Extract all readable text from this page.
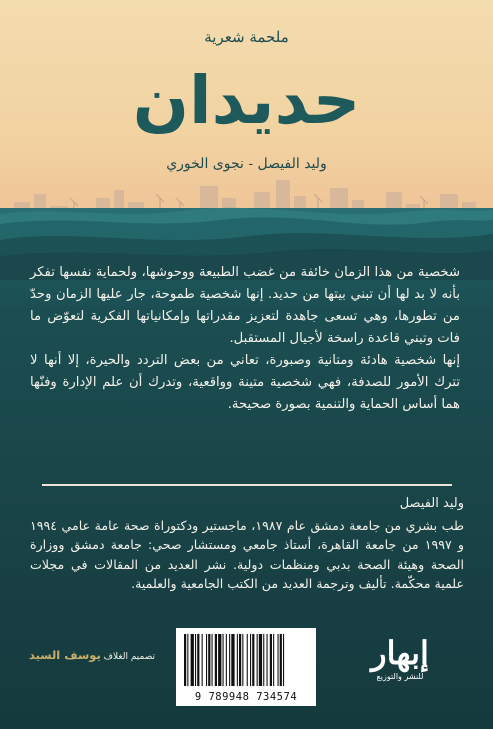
ملحمة شعرية
حديدان
وليد الفيصل - نجوى الخوري

شخصية من هذا الزمان خائفة من غضب الطبيعة ووحوشها، ولحماية نفسها تفكر بأنه لا بد لها أن تبني بيتها من حديد. إنها شخصية طموحة، جار عليها الزمان وحدّ من تطورها، وهي تسعى جاهدة لتعزيز مقدراتها وإمكانياتها الفكرية لتعوّض ما فات وتبني قاعدة راسخة لأجيال المستقبل.

إنها شخصية هادئة ومتانية وصبورة، تعاني من بعض التردد والحيرة، إلا أنها لا تترك الأمور للصدفة، فهي شخصية متينة وواقعية، وتدرك أن علم الإدارة وفنّها هما أساس الحماية والتنمية بصورة صحيحة.

وليد الفيصل
طب بشري من جامعة دمشق عام ١٩٨٧، ماجستير ودكتوراة صحة عامة عامي ١٩٩٤ و ١٩٩٧ من جامعة القاهرة، أستاذ جامعي ومستشار صحي: جامعة دمشق ووزارة الصحة وهيئة الصحة بدبي ومنظمات دولية. نشر العديد من المقالات في مجلات علمية محكّمة. تأليف وترجمة العديد من الكتب الجامعية والعلمية.
تصميم الغلاف يوسف السيد
9 789948 734574
إبهار
للنشر والتوزيع
